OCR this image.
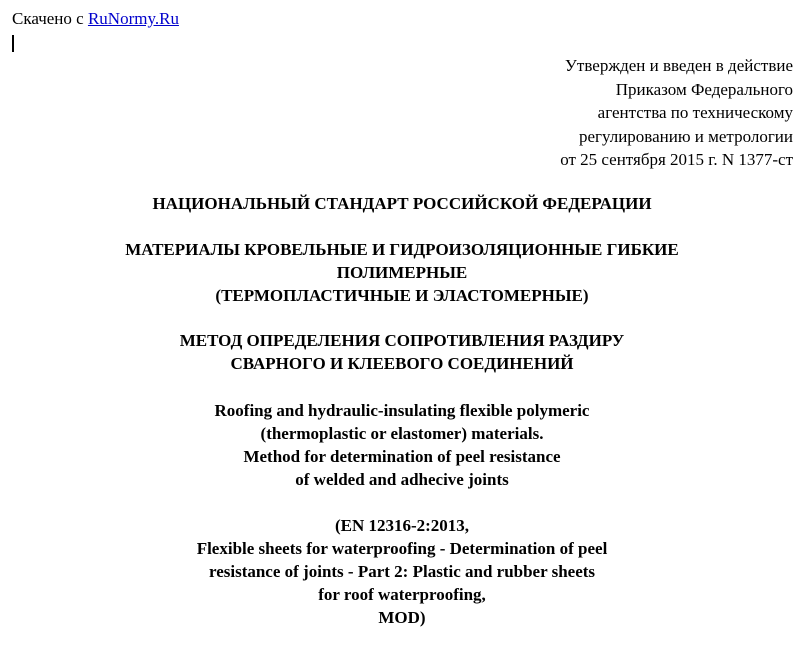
Скачено с RuNormy.Ru
Утвержден и введен в действие
Приказом Федерального
агентства по техническому
регулированию и метрологии
от 25 сентября 2015 г. N 1377-ст
НАЦИОНАЛЬНЫЙ СТАНДАРТ РОССИЙСКОЙ ФЕДЕРАЦИИ
МАТЕРИАЛЫ КРОВЕЛЬНЫЕ И ГИДРОИЗОЛЯЦИОННЫЕ ГИБКИЕ
ПОЛИМЕРНЫЕ
(ТЕРМОПЛАСТИЧНЫЕ И ЭЛАСТОМЕРНЫЕ)
МЕТОД ОПРЕДЕЛЕНИЯ СОПРОТИВЛЕНИЯ РАЗДИРУ
СВАРНОГО И КЛЕЕВОГО СОЕДИНЕНИЙ
Roofing and hydraulic-insulating flexible polymeric
(thermoplastic or elastomer) materials.
Method for determination of peel resistance
of welded and adhecive joints
(EN 12316-2:2013,
Flexible sheets for waterproofing - Determination of peel
resistance of joints - Part 2: Plastic and rubber sheets
for roof waterproofing,
MOD)
